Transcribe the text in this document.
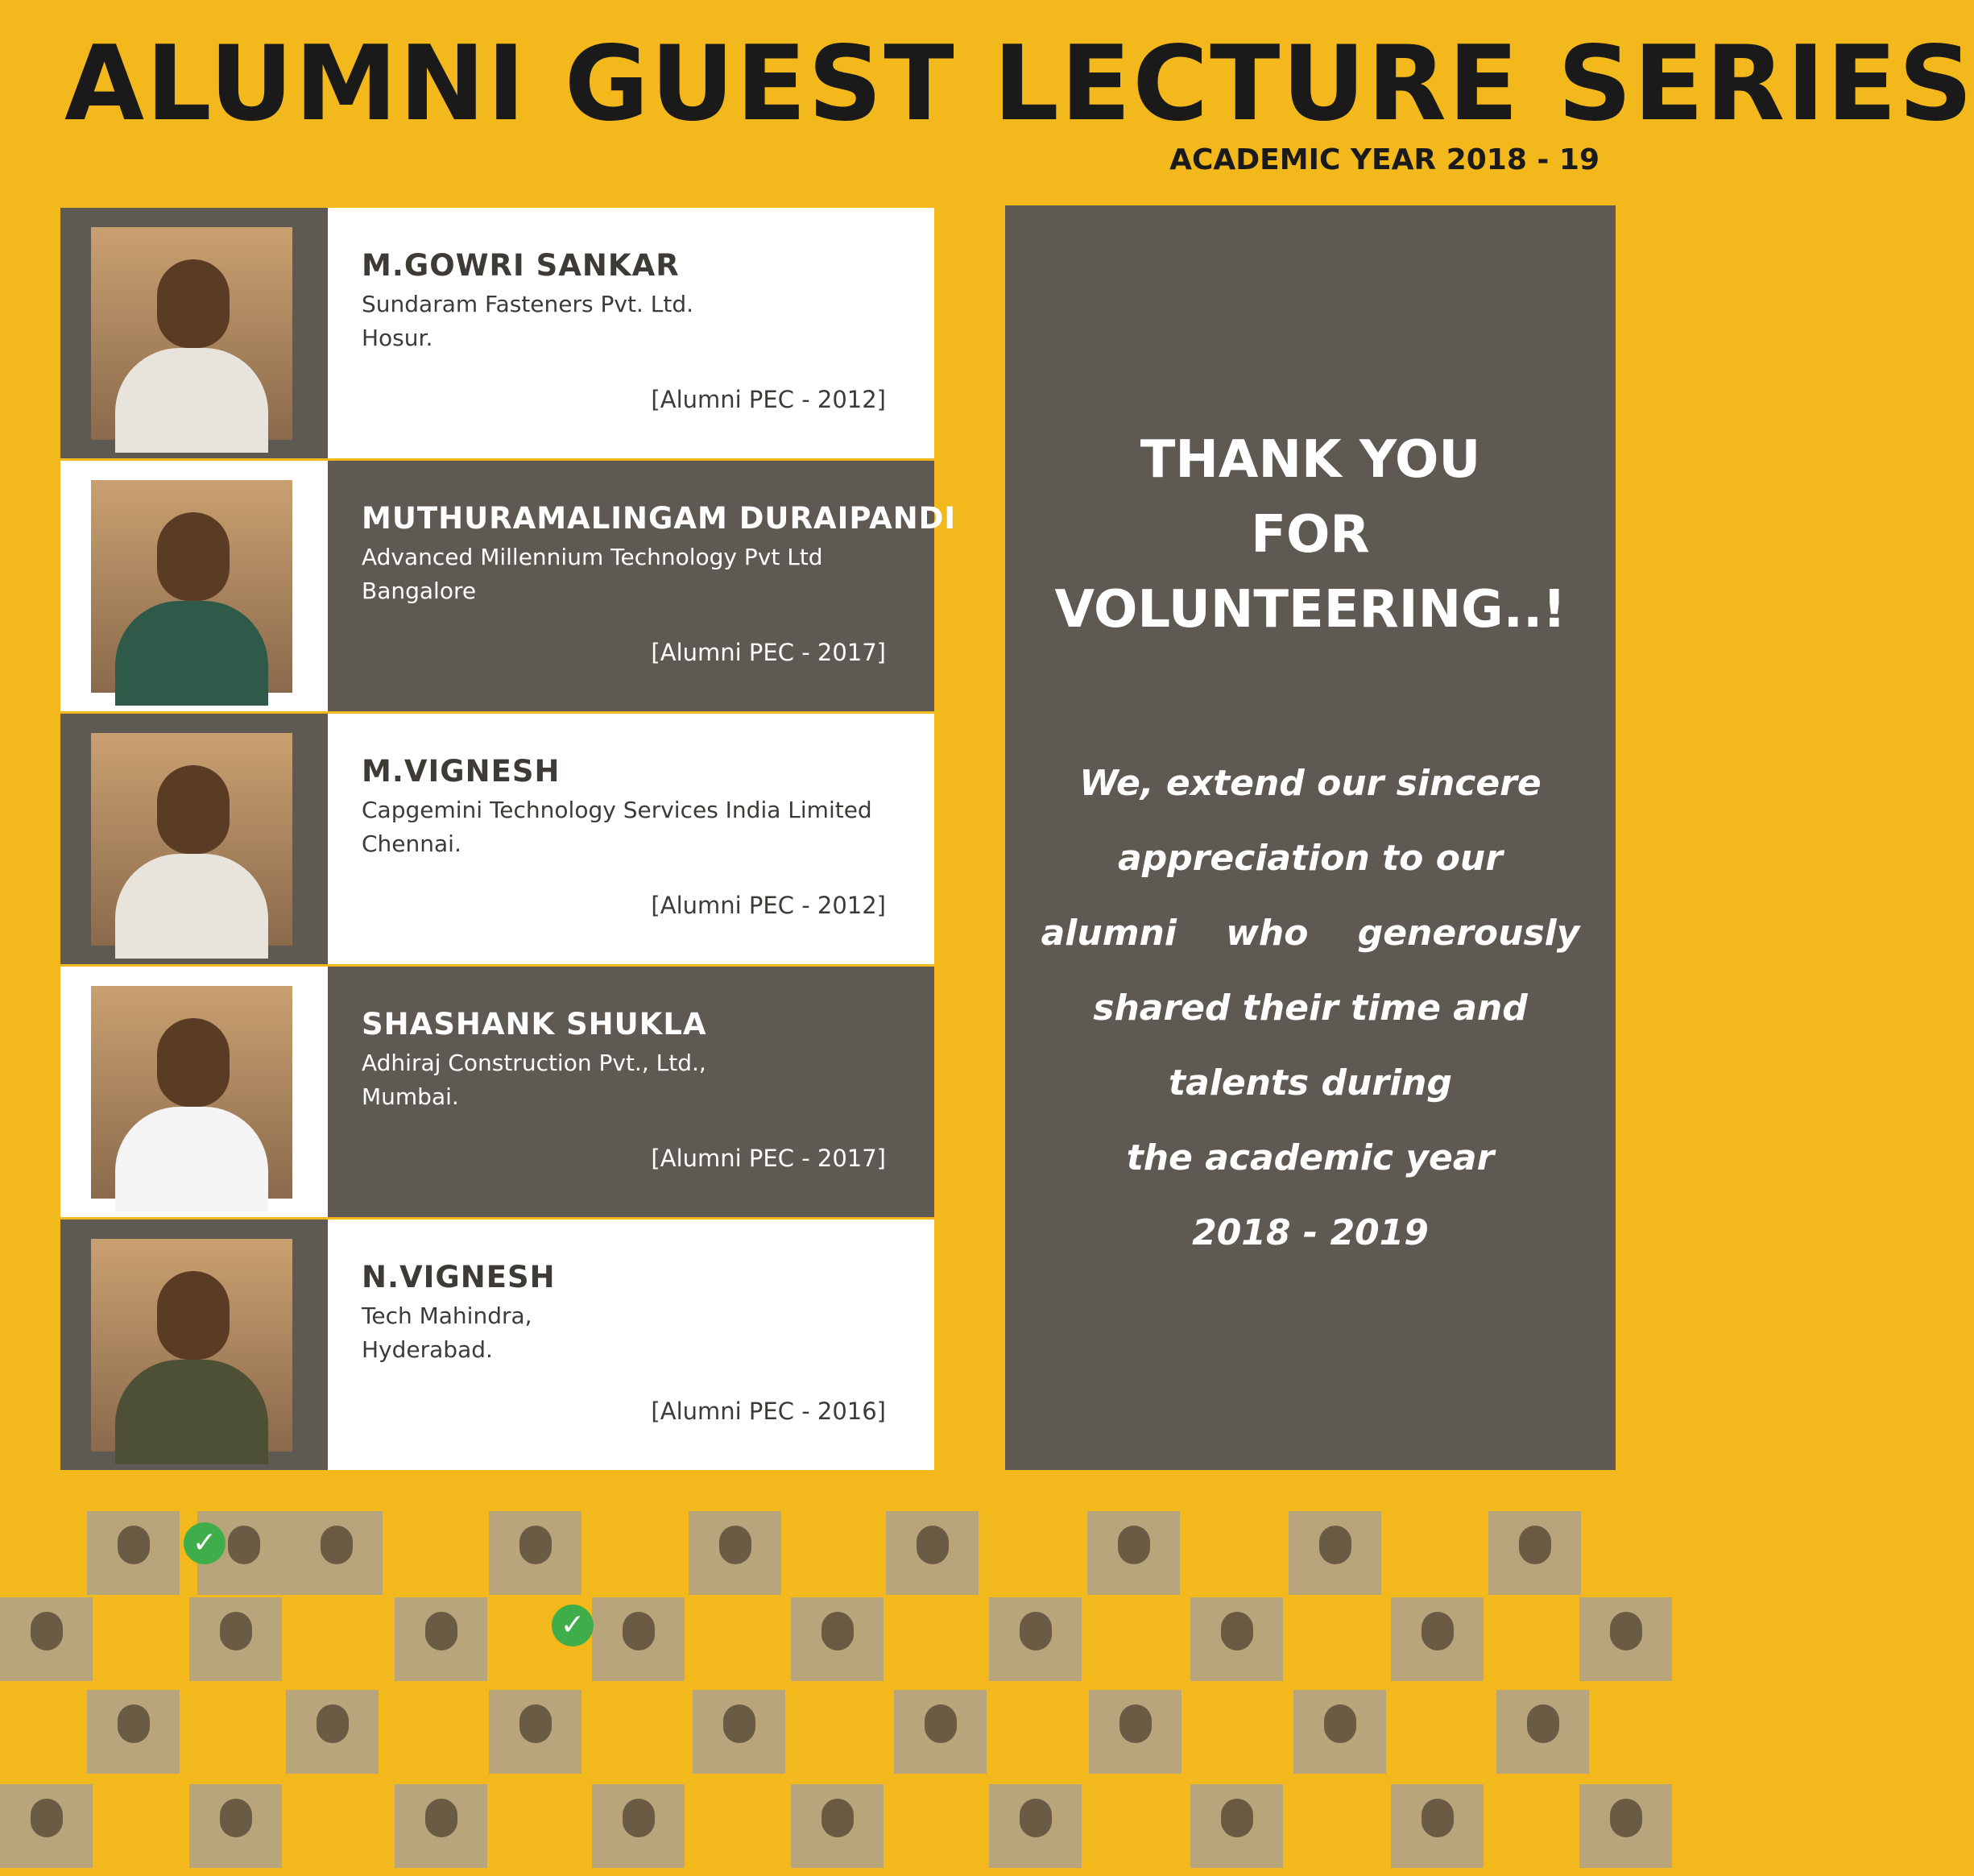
ALUMNI GUEST LECTURE SERIES
ACADEMIC YEAR 2018 - 19
M.GOWRI SANKAR
Sundaram Fasteners Pvt. Ltd.
Hosur.
[Alumni PEC - 2012]
MUTHURAMALINGAM DURAIPANDI
Advanced Millennium Technology Pvt Ltd
Bangalore
[Alumni PEC - 2017]
M.VIGNESH
Capgemini Technology Services India Limited
Chennai.
[Alumni PEC - 2012]
SHASHANK SHUKLA
Adhiraj Construction Pvt., Ltd.,
Mumbai.
[Alumni PEC - 2017]
N.VIGNESH
Tech Mahindra,
Hyderabad.
[Alumni PEC - 2016]
THANK YOU
FOR
VOLUNTEERING..!
We, extend our sincere
appreciation to our
alumni    who    generously
shared their time and
talents during
the academic year
2018 - 2019
✓
✓
